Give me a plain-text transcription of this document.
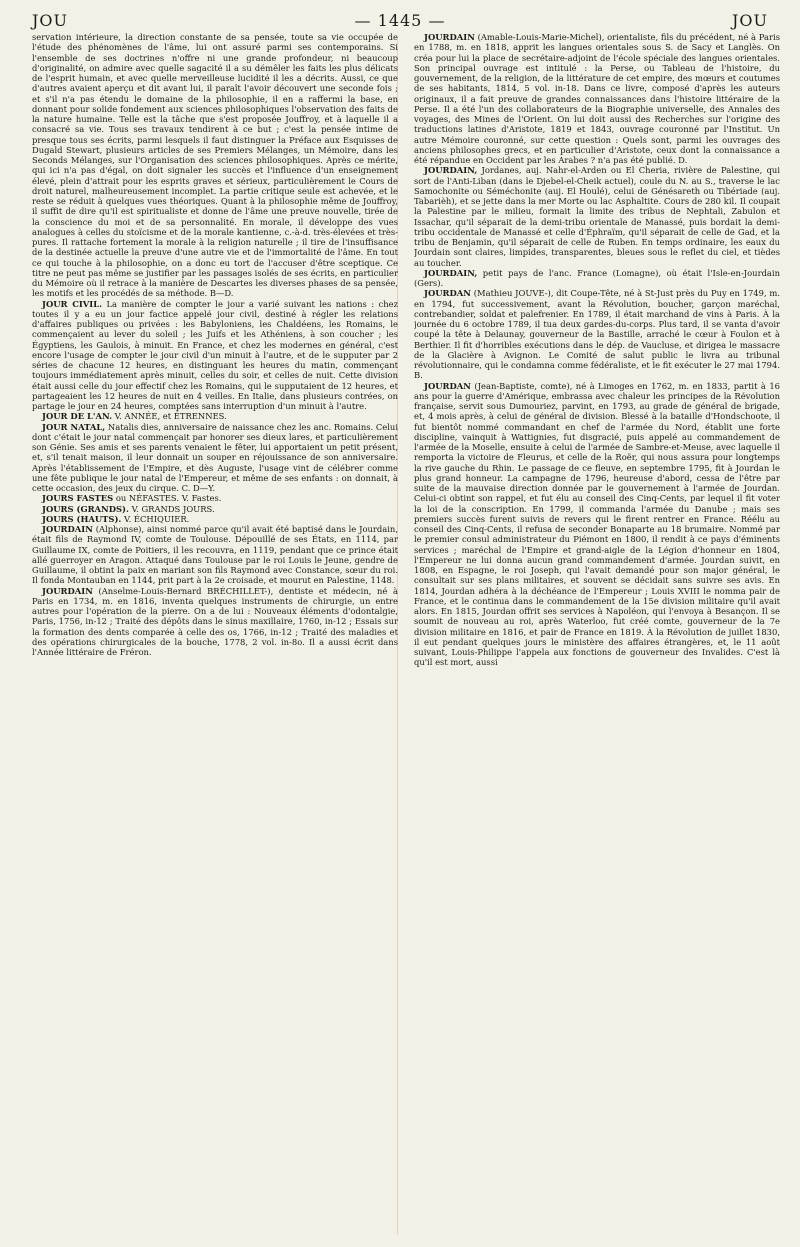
JOU	— 1445 —	JOU

servation intérieure, la direction constante de sa pensée, toute sa vie occupée de l'étude des phénomènes de l'âme, lui ont assuré parmi ses contemporains. Si l'ensemble de ses doctrines n'offre ni une grande profondeur, ni beaucoup d'originalité, on admire avec quelle sagacité il a su démêler les faits les plus délicats de l'esprit humain, et avec quelle merveilleuse lucidité il les a décrits. Aussi, ce que d'autres avaient aperçu et dit avant lui, il paraît l'avoir découvert une seconde fois ; et s'il n'a pas étendu le domaine de la philosophie, il en a raffermi la base, en donnant pour solide fondement aux sciences philosophiques l'observation des faits de la nature humaine. Telle est la tâche que s'est proposée Jouffroy, et à laquelle il a consacré sa vie. Tous ses travaux tendirent à ce but ; c'est la pensée intime de presque tous ses écrits, parmi lesquels il faut distinguer la Préface aux Esquisses de Dugald Stewart, plusieurs articles de ses Premiers Mélanges, un Mémoire, dans les Seconds Mélanges, sur l'Organisation des sciences philosophiques. Après ce mérite, qui ici n'a pas d'égal, on doit signaler les succès et l'influence d'un enseignement élevé, plein d'attrait pour les esprits graves et sérieux, particulièrement le Cours de droit naturel, malheureusement incomplet. La partie critique seule est achevée, et le reste se réduit à quelques vues théoriques. Quant à la philosophie même de Jouffroy, il suffit de dire qu'il est spiritualiste et donne de l'âme une preuve nouvelle, tirée de la conscience du moi et de sa personnalité. En morale, il développe des vues analogues à celles du stoïcisme et de la morale kantienne, c.-à-d. très-élevées et très-pures. Il rattache fortement la morale à la religion naturelle ; il tire de l'insuffisance de la destinée actuelle la preuve d'une autre vie et de l'immortalité de l'âme. En tout ce qui touche à la philosophie, on a donc eu tort de l'accuser d'être sceptique. Ce titre ne peut pas même se justifier par les passages isolés de ses écrits, en particulier du Mémoire où il retrace à la manière de Descartes les diverses phases de sa pensée, les motifs et les procédés de sa méthode. B—D.

JOUR CIVIL. La manière de compter le jour a varié suivant les nations : chez toutes il y a eu un jour factice appelé jour civil, destiné à régler les relations d'affaires publiques ou privées : les Babyloniens, les Chaldéens, les Romains, le commençaient au lever du soleil ; les Juifs et les Athéniens, à son coucher ; les Égyptiens, les Gaulois, à minuit. En France, et chez les modernes en général, c'est encore l'usage de compter le jour civil d'un minuit à l'autre, et de le supputer par 2 séries de chacune 12 heures, en distinguant les heures du matin, commençant toujours immédiatement après minuit, celles du soir, et celles de nuit. Cette division était aussi celle du jour effectif chez les Romains, qui le supputaient de 12 heures, et partageaient les 12 heures de nuit en 4 veilles. En Italie, dans plusieurs contrées, on partage le jour en 24 heures, comptées sans interruption d'un minuit à l'autre.

JOUR DE L'AN. V. ANNÉE, et ÉTRENNES.

JOUR NATAL, Natalis dies, anniversaire de naissance chez les anc. Romains. Celui dont c'était le jour natal commençait par honorer ses dieux lares, et particulièrement son Génie. Ses amis et ses parents venaient le fêter, lui apportaient un petit présent, et, s'il tenait maison, il leur donnait un souper en réjouissance de son anniversaire. Après l'établissement de l'Empire, et dès Auguste, l'usage vint de célébrer comme une fête publique le jour natal de l'Empereur, et même de ses enfants : on donnait, à cette occasion, des jeux du cirque. C. D—Y.

JOURS FASTES ou NÉFASTES. V. Fastes.

JOURS (GRANDS). V. GRANDS JOURS.

JOURS (HAUTS). V. ÉCHIQUIER.

JOURDAIN (Alphonse), ainsi nommé parce qu'il avait été baptisé dans le Jourdain, était fils de Raymond IV, comte de Toulouse. Dépouillé de ses États, en 1114, par Guillaume IX, comte de Poitiers, il les recouvra, en 1119, pendant que ce prince était allé guerroyer en Aragon. Attaqué dans Toulouse par le roi Louis le Jeune, gendre de Guillaume, il obtint la paix en mariant son fils Raymond avec Constance, sœur du roi. Il fonda Montauban en 1144, prit part à la 2e croisade, et mourut en Palestine, 1148.

JOURDAIN (Anselme-Louis-Bernard BRÉCHILLET-), dentiste et médecin, né à Paris en 1734, m. en 1816, inventa quelques instruments de chirurgie, un entre autres pour l'opération de la pierre. On a de lui : Nouveaux éléments d'odontalgie, Paris, 1756, in-12 ; Traité des dépôts dans le sinus maxillaire, 1760, in-12 ; Essais sur la formation des dents comparée à celle des os, 1766, in-12 ; Traité des maladies et des opérations chirurgicales de la bouche, 1778, 2 vol. in-8o. Il a aussi écrit dans l'Année littéraire de Fréron.

JOURDAIN (Amable-Louis-Marie-Michel), orientaliste, fils du précédent, né à Paris en 1788, m. en 1818, apprit les langues orientales sous S. de Sacy et Langlès. On créa pour lui la place de secrétaire-adjoint de l'école spéciale des langues orientales. Son principal ouvrage est intitulé : la Perse, ou Tableau de l'histoire, du gouvernement, de la religion, de la littérature de cet empire, des mœurs et coutumes de ses habitants, 1814, 5 vol. in-18. Dans ce livre, composé d'après les auteurs originaux, il a fait preuve de grandes connaissances dans l'histoire littéraire de la Perse. Il a été l'un des collaborateurs de la Biographie universelle, des Annales des voyages, des Mines de l'Orient. On lui doit aussi des Recherches sur l'origine des traductions latines d'Aristote, 1819 et 1843, ouvrage couronné par l'Institut. Un autre Mémoire couronné, sur cette question : Quels sont, parmi les ouvrages des anciens philosophes grecs, et en particulier d'Aristote, ceux dont la connaissance a été répandue en Occident par les Arabes ? n'a pas été publié. D.

JOURDAIN, Jordanes, auj. Nahr-el-Arden ou El Cheria, rivière de Palestine, qui sort de l'Anti-Liban (dans le Djebel-el-Cheik actuel), coule du N. au S., traverse le lac Samochonite ou Séméchonite (auj. El Houlé), celui de Génésareth ou Tibériade (auj. Tabarièh), et se jette dans la mer Morte ou lac Asphaltite. Cours de 280 kil. Il coupait la Palestine par le milieu, formait la limite des tribus de Nephtali, Zabulon et Issachar, qu'il séparait de la demi-tribu orientale de Manassé, puis bordait la demi-tribu occidentale de Manassé et celle d'Éphraïm, qu'il séparait de celle de Gad, et la tribu de Benjamin, qu'il séparait de celle de Ruben. En temps ordinaire, les eaux du Jourdain sont claires, limpides, transparentes, bleues sous le reflet du ciel, et tièdes au toucher.

JOURDAIN, petit pays de l'anc. France (Lomagne), où était l'Isle-en-Jourdain (Gers).

JOURDAN (Mathieu JOUVE-), dit Coupe-Tête, né à St-Just près du Puy en 1749, m. en 1794, fut successivement, avant la Révolution, boucher, garçon maréchal, contrebandier, soldat et palefrenier. En 1789, il était marchand de vins à Paris. À la journée du 6 octobre 1789, il tua deux gardes-du-corps. Plus tard, il se vanta d'avoir coupé la tête à Delaunay, gouverneur de la Bastille, arraché le cœur à Foulon et à Berthier. Il fit d'horribles exécutions dans le dép. de Vaucluse, et dirigea le massacre de la Glacière à Avignon. Le Comité de salut public le livra au tribunal révolutionnaire, qui le condamna comme fédéraliste, et le fit exécuter le 27 mai 1794. B.

JOURDAN (Jean-Baptiste, comte), né à Limoges en 1762, m. en 1833, partit à 16 ans pour la guerre d'Amérique, embrassa avec chaleur les principes de la Révolution française, servit sous Dumouriez, parvint, en 1793, au grade de général de brigade, et, 4 mois après, à celui de général de division. Blessé à la bataille d'Hondschoote, il fut bientôt nommé commandant en chef de l'armée du Nord, établit une forte discipline, vainquit à Wattignies, fut disgracié, puis appelé au commandement de l'armée de la Moselle, ensuite à celui de l'armée de Sambre-et-Meuse, avec laquelle il remporta la victoire de Fleurus, et celle de la Roër, qui nous assura pour longtemps la rive gauche du Rhin. Le passage de ce fleuve, en septembre 1795, fit à Jourdan le plus grand honneur. La campagne de 1796, heureuse d'abord, cessa de l'être par suite de la mauvaise direction donnée par le gouvernement à l'armée de Jourdan. Celui-ci obtint son rappel, et fut élu au conseil des Cinq-Cents, par lequel il fit voter la loi de la conscription. En 1799, il commanda l'armée du Danube ; mais ses premiers succès furent suivis de revers qui le firent rentrer en France. Réélu au conseil des Cinq-Cents, il refusa de seconder Bonaparte au 18 brumaire. Nommé par le premier consul administrateur du Piémont en 1800, il rendit à ce pays d'éminents services ; maréchal de l'Empire et grand-aigle de la Légion d'honneur en 1804, l'Empereur ne lui donna aucun grand commandement d'armée. Jourdan suivit, en 1808, en Espagne, le roi Joseph, qui l'avait demandé pour son major général, le consultait sur ses plans militaires, et souvent se décidait sans suivre ses avis. En 1814, Jourdan adhéra à la déchéance de l'Empereur ; Louis XVIII le nomma pair de France, et le continua dans le commandement de la 15e division militaire qu'il avait alors. En 1815, Jourdan offrit ses services à Napoléon, qui l'envoya à Besançon. Il se soumit de nouveau au roi, après Waterloo, fut créé comte, gouverneur de la 7e division militaire en 1816, et pair de France en 1819. À la Révolution de juillet 1830, il eut pendant quelques jours le ministère des affaires étrangères, et, le 11 août suivant, Louis-Philippe l'appela aux fonctions de gouverneur des Invalides. C'est là qu'il est mort, aussi
